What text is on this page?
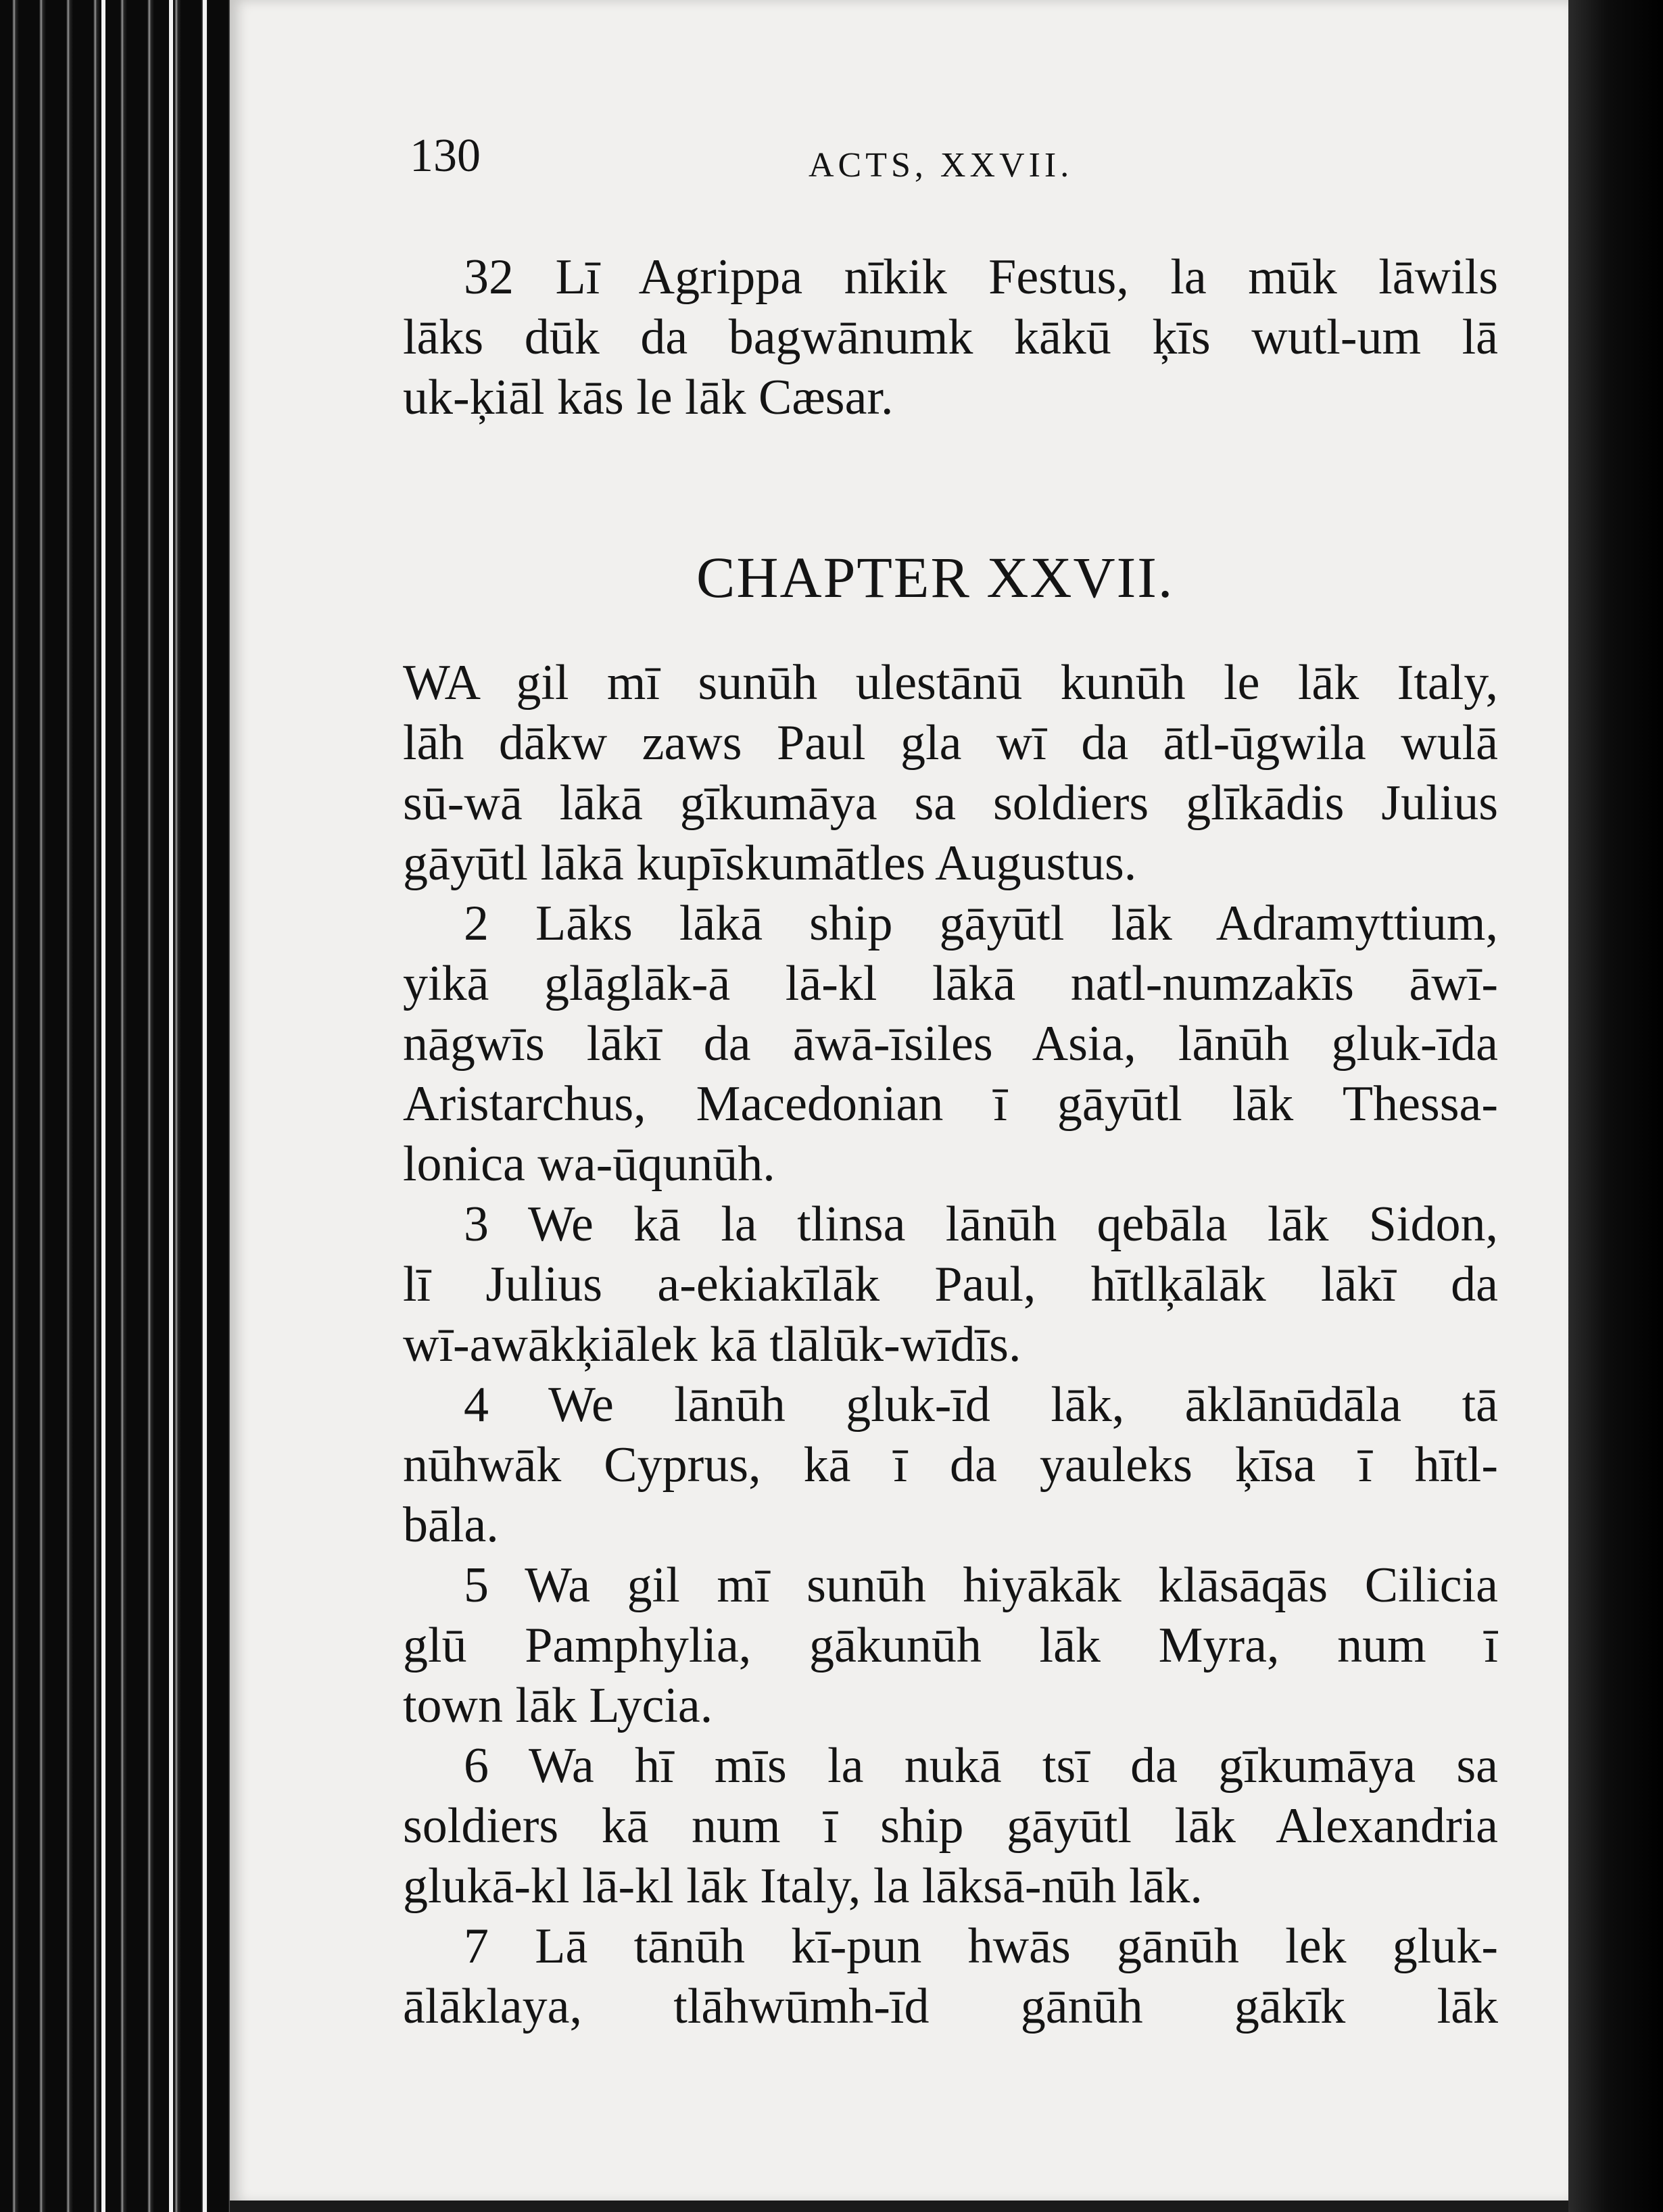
130	ACTS, XXVII.
32 Lī Agrippa nīkik Festus, la mūk lāwils
lāks dūk da bagwānumk kākū ķīs wutl-um lā
uk-ķiāl kās le lāk Cæsar.
CHAPTER XXVII.
WA gil mī sunūh ulestānū kunūh le lāk Italy,
lāh dākw zaws Paul gla wī da ātl-ūgwila wulā
sū-wā lākā gīkumāya sa soldiers glīkādis Julius
gāyūtl lākā kupīskumātles Augustus.
2 Lāks lākā ship gāyūtl lāk Adramyttium,
yikā glāglāk-ā lā-kl lākā natl-numzakīs āwī-
nāgwīs lākī da āwā-īsiles Asia, lānūh gluk-īda
Aristarchus, Macedonian ī gāyūtl lāk Thessa-
lonica wa-ūqunūh.
3 We kā la tlinsa lānūh qebāla lāk Sidon,
lī Julius a-ekiakīlāk Paul, hītlķālāk lākī da
wī-awākķiālek kā tlālūk-wīdīs.
4 We lānūh gluk-īd lāk, āklānūdāla tā
nūhwāk Cyprus, kā ī da yauleks ķīsa ī hītl-
bāla.
5 Wa gil mī sunūh hiyākāk klāsāqās Cilicia
glū Pamphylia, gākunūh lāk Myra, num ī
town lāk Lycia.
6 Wa hī mīs la nukā tsī da gīkumāya sa
soldiers kā num ī ship gāyūtl lāk Alexandria
glukā-kl lā-kl lāk Italy, la lāksā-nūh lāk.
7 Lā tānūh kī-pun hwās gānūh lek gluk-
ālāklaya, tlāhwūmh-īd gānūh gākīk lāk
